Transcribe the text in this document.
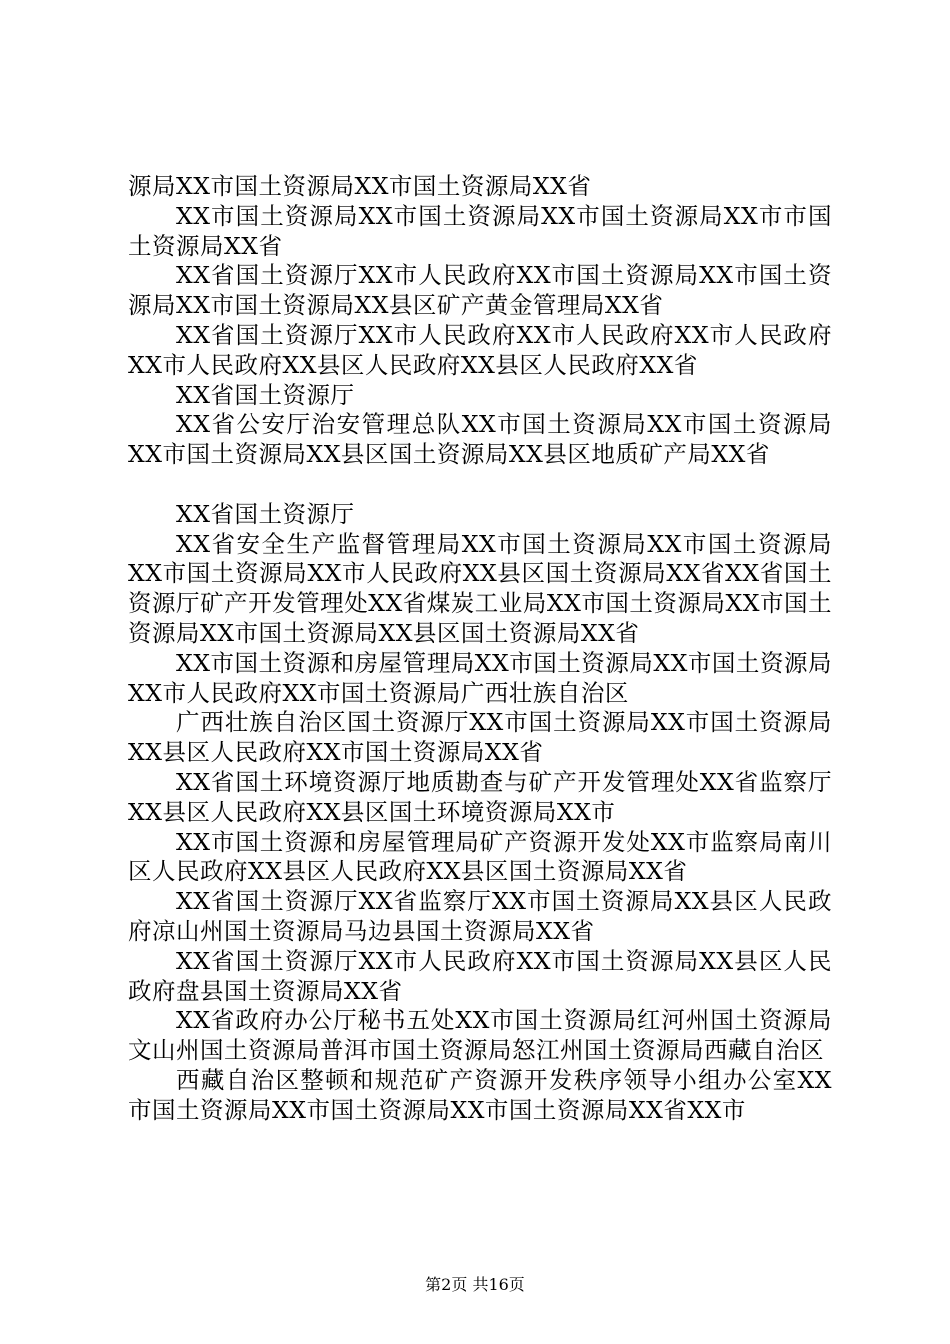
源局XX市国土资源局XX市国土资源局XX省

XX市国土资源局XX市国土资源局XX市国土资源局XX市市国土资源局XX省

XX省国土资源厅XX市人民政府XX市国土资源局XX市国土资源局XX市国土资源局XX县区矿产黄金管理局XX省

XX省国土资源厅XX市人民政府XX市人民政府XX市人民政府XX市人民政府XX县区人民政府XX县区人民政府XX省

XX省国土资源厅

XX省公安厅治安管理总队XX市国土资源局XX市国土资源局XX市国土资源局XX县区国土资源局XX县区地质矿产局XX省

XX省国土资源厅

XX省安全生产监督管理局XX市国土资源局XX市国土资源局XX市国土资源局XX市人民政府XX县区国土资源局XX省XX省国土资源厅矿产开发管理处XX省煤炭工业局XX市国土资源局XX市国土资源局XX市国土资源局XX县区国土资源局XX省

XX市国土资源和房屋管理局XX市国土资源局XX市国土资源局XX市人民政府XX市国土资源局广西壮族自治区

广西壮族自治区国土资源厅XX市国土资源局XX市国土资源局XX县区人民政府XX市国土资源局XX省

XX省国土环境资源厅地质勘查与矿产开发管理处XX省监察厅XX县区人民政府XX县区国土环境资源局XX市

XX市国土资源和房屋管理局矿产资源开发处XX市监察局南川区人民政府XX县区人民政府XX县区国土资源局XX省

XX省国土资源厅XX省监察厅XX市国土资源局XX县区人民政府凉山州国土资源局马边县国土资源局XX省

XX省国土资源厅XX市人民政府XX市国土资源局XX县区人民政府盘县国土资源局XX省

XX省政府办公厅秘书五处XX市国土资源局红河州国土资源局文山州国土资源局普洱市国土资源局怒江州国土资源局西藏自治区

西藏自治区整顿和规范矿产资源开发秩序领导小组办公室XX市国土资源局XX市国土资源局XX市国土资源局XX省XX市

第2页 共16页
